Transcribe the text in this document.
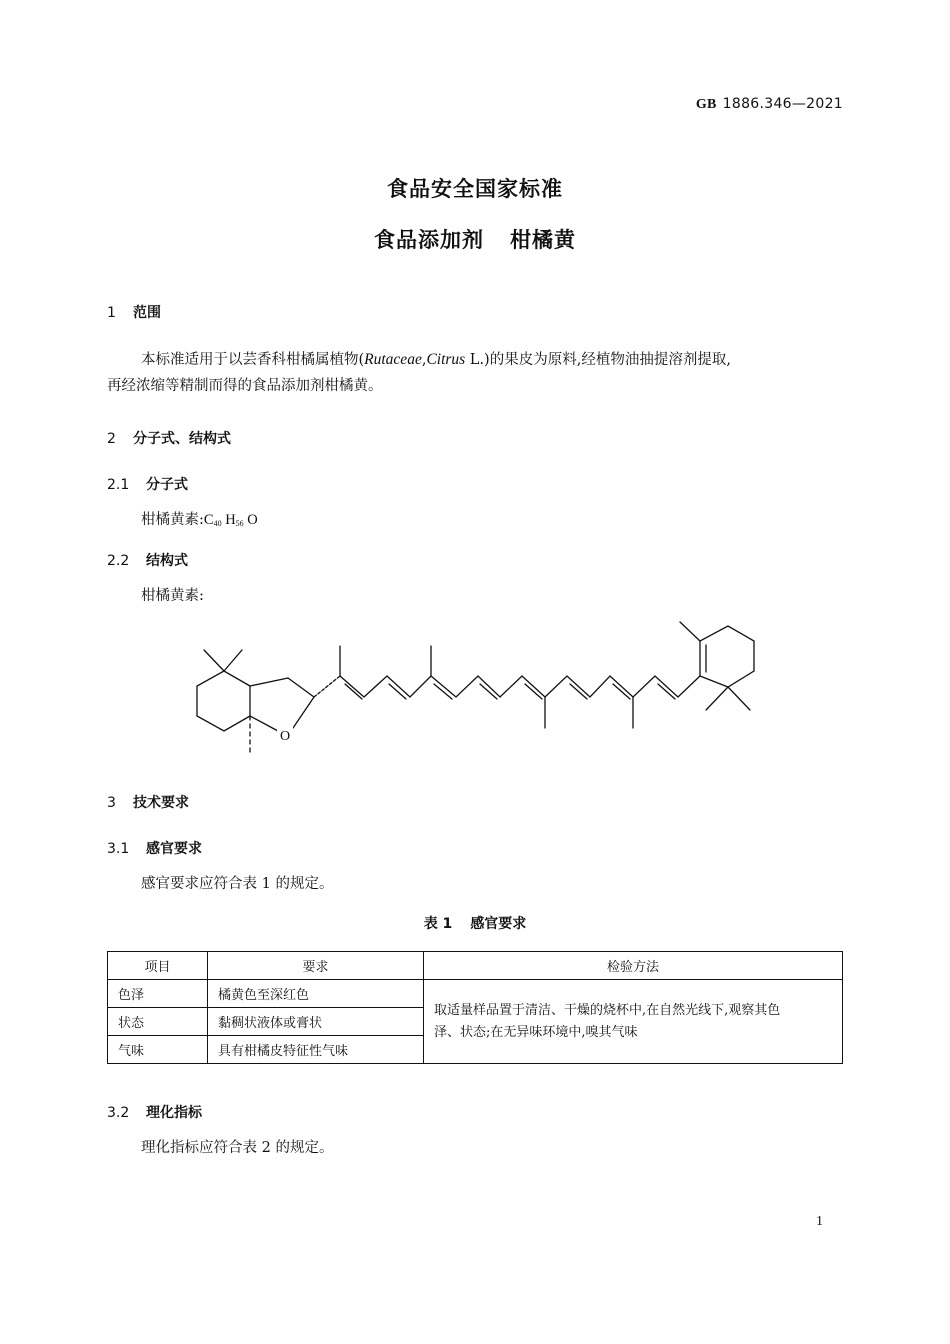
GB 1886.346—2021
食品安全国家标准
食品添加剂 柑橘黄
1 范围
本标准适用于以芸香科柑橘属植物(Rutaceae,Citrus L.)的果皮为原料,经植物油抽提溶剂提取,
再经浓缩等精制而得的食品添加剂柑橘黄。
2 分子式、结构式
2.1 分子式
柑橘黄素$:C_{40}$ $H_{56}$ O
2.2 结构式
柑橘黄素:
O
3 技术要求
3.1 感官要求
感官要求应符合表 1 的规定。
表 1 感官要求
项目	要求	检验方法
色泽	橘黄色至深红色	取适量样品置于清洁、干燥的烧杯中,在自然光线下,观察其色
泽、状态;在无异味环境中,嗅其气味

状态	黏稠状液体或膏状	
气味	具有柑橘皮特征性气味	
3.2 理化指标
理化指标应符合表 2 的规定。
1
